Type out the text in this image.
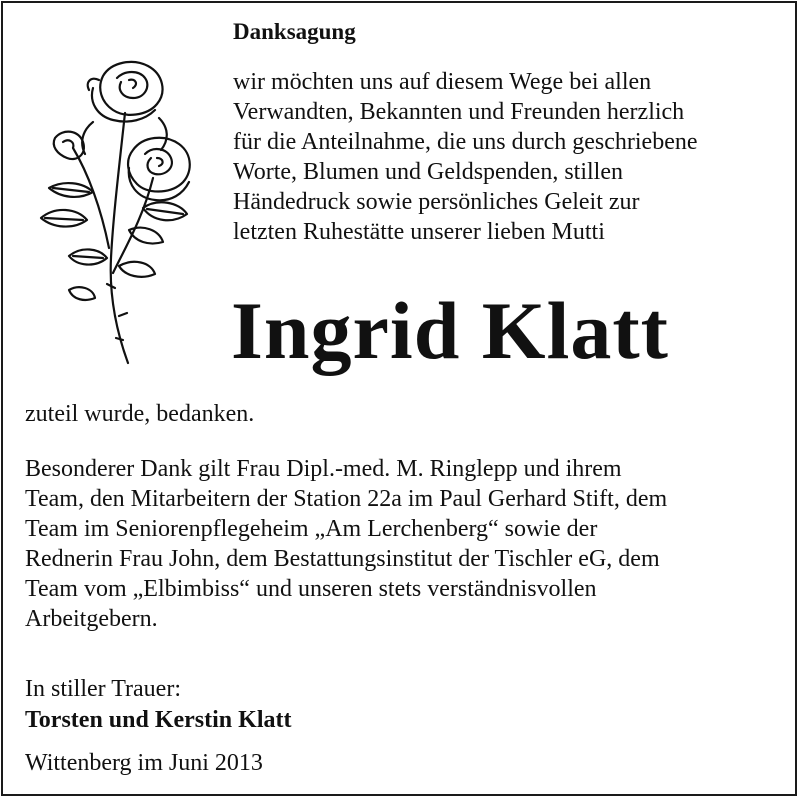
Danksagung
wir möchten uns auf diesem Wege bei allen
Verwandten, Bekannten und Freunden herzlich
für die Anteilnahme, die uns durch geschriebene
Worte, Blumen und Geldspenden, stillen
Händedruck sowie persönliches Geleit zur
letzten Ruhestätte unserer lieben Mutti
Ingrid Klatt
zuteil wurde, bedanken.
Besonderer Dank gilt Frau Dipl.-med. M. Ringlepp und ihrem
Team, den Mitarbeitern der Station 22a im Paul Gerhard Stift, dem
Team im Seniorenpflegeheim „Am Lerchenberg“ sowie der
Rednerin Frau John, dem Bestattungsinstitut der Tischler eG, dem
Team vom „Elbimbiss“ und unseren stets verständnisvollen
Arbeitgebern.
In stiller Trauer:
Torsten und Kerstin Klatt
Wittenberg im Juni 2013
